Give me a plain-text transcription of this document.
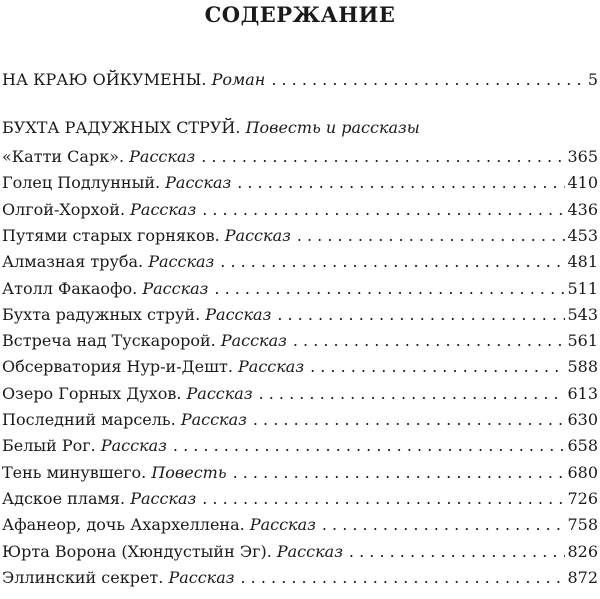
СОДЕРЖАНИЕ
НА КРАЮ ОЙКУМЕНЫ. Роман . . .	5
БУХТА РАДУЖНЫХ СТРУЙ. Повесть и рассказы
«Катти Сарк». Рассказ . . .	365
Голец Подлунный. Рассказ . . .	410
Олгой-Хорхой. Рассказ . . .	436
Путями старых горняков. Рассказ . . .	453
Алмазная труба. Рассказ . . .	481
Атолл Факаофо. Рассказ . . .	511
Бухта радужных струй. Рассказ . . .	543
Встреча над Тускаророй. Рассказ . . .	561
Обсерватория Нур-и-Дешт. Рассказ . . .	588
Озеро Горных Духов. Рассказ . . .	613
Последний марсель. Рассказ . . .	630
Белый Рог. Рассказ . . .	658
Тень минувшего. Повесть . . .	680
Адское пламя. Рассказ . . .	726
Афанеор, дочь Ахархеллена. Рассказ . . .	758
Юрта Ворона (Хюндустыйн Эг). Рассказ . . .	826
Эллинский секрет. Рассказ . . .	872
